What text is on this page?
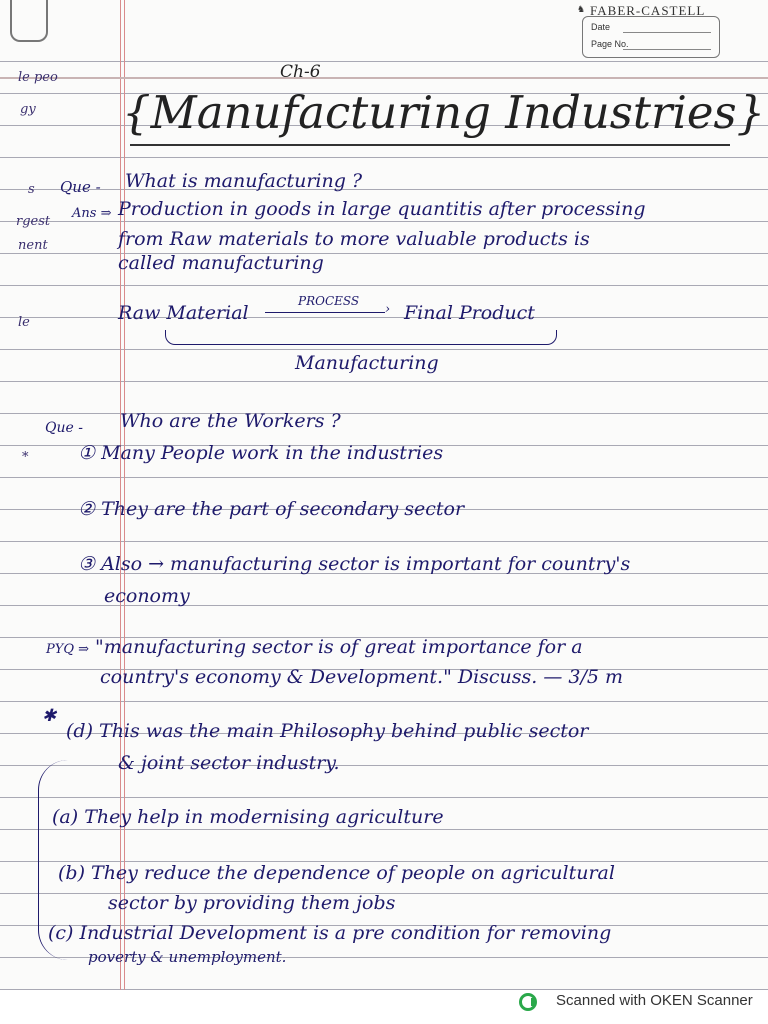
♞ FABER-CASTELL
Date
Page No.
le peo
gy
s
rgest
nent
le
*
Ch-6
{Manufacturing Industries}
Que - What is manufacturing ?
Ans ⇒ Production in goods in large quantitis after processing
from Raw materials to more valuable products is
called manufacturing
Raw Material
PROCESS
› Final Product
Manufacturing
Que - Who are the Workers ?
① Many People work in the industries
② They are the part of secondary sector
③ Also → manufacturing sector is important for country's
economy
PYQ ⇒ "manufacturing sector is of great importance for a
country's economy & Development." Discuss. — 3/5 m
✱
(d) This was the main Philosophy behind public sector
& joint sector industry.
(a) They help in modernising agriculture
(b) They reduce the dependence of people on agricultural
sector by providing them jobs
(c) Industrial Development is a pre condition for removing
poverty & unemployment.
Scanned with OKEN Scanner
